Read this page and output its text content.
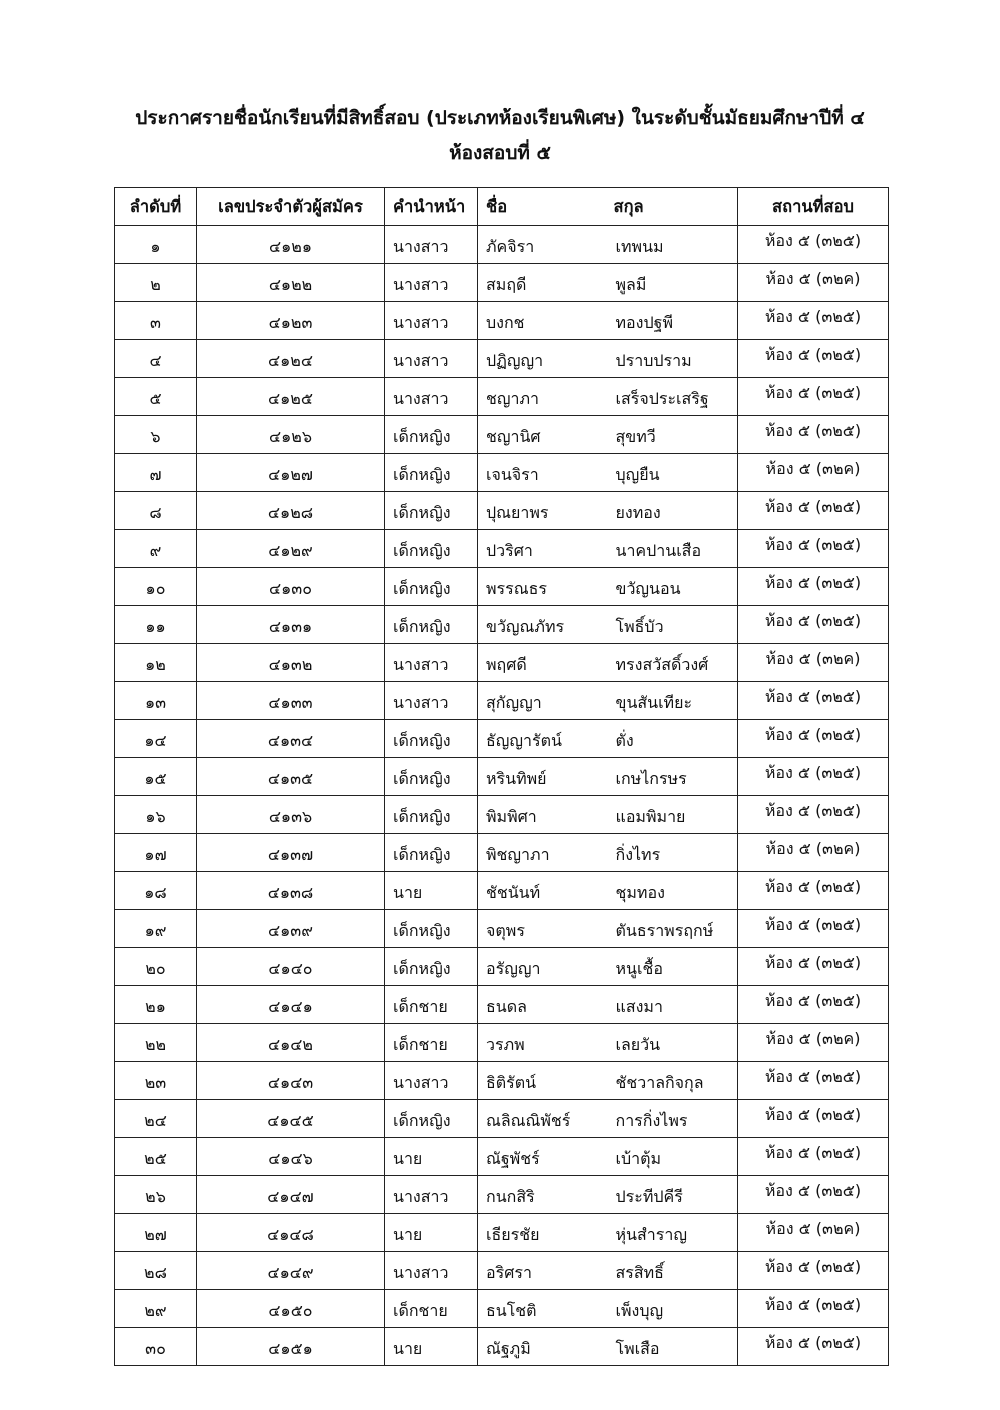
ประกาศรายชื่อนักเรียนที่มีสิทธิ์สอบ (ประเภทห้องเรียนพิเศษ) ในระดับชั้นมัธยมศึกษาปีที่ ๔
ห้องสอบที่ ๕
ลำดับที่	เลขประจำตัวผู้สมัคร	คำนำหน้า	ชื่อ	สกุล	สถานที่สอบ
๑	๔๑๒๑	นางสาว	ภัคจิรา	เทพนม	ห้อง ๕ (๓๒๕)
๒	๔๑๒๒	นางสาว	สมฤดี	พูลมี	ห้อง ๕ (๓๒ค)
๓	๔๑๒๓	นางสาว	บงกช	ทองปฐพี	ห้อง ๕ (๓๒๕)
๔	๔๑๒๔	นางสาว	ปฏิญญา	ปราบปราม	ห้อง ๕ (๓๒๕)
๕	๔๑๒๕	นางสาว	ชญาภา	เสร็จประเสริฐ	ห้อง ๕ (๓๒๕)
๖	๔๑๒๖	เด็กหญิง	ชญานิศ	สุขทวี	ห้อง ๕ (๓๒๕)
๗	๔๑๒๗	เด็กหญิง	เจนจิรา	บุญยืน	ห้อง ๕ (๓๒ค)
๘	๔๑๒๘	เด็กหญิง	ปุณยาพร	ยงทอง	ห้อง ๕ (๓๒๕)
๙	๔๑๒๙	เด็กหญิง	ปวริศา	นาคปานเสือ	ห้อง ๕ (๓๒๕)
๑๐	๔๑๓๐	เด็กหญิง	พรรณธร	ขวัญนอน	ห้อง ๕ (๓๒๕)
๑๑	๔๑๓๑	เด็กหญิง	ขวัญณภัทร	โพธิ์บัว	ห้อง ๕ (๓๒๕)
๑๒	๔๑๓๒	นางสาว	พฤศดี	ทรงสวัสดิ์วงศ์	ห้อง ๕ (๓๒ค)
๑๓	๔๑๓๓	นางสาว	สุกัญญา	ขุนสันเทียะ	ห้อง ๕ (๓๒๕)
๑๔	๔๑๓๔	เด็กหญิง	ธัญญารัตน์	ตั่ง	ห้อง ๕ (๓๒๕)
๑๕	๔๑๓๕	เด็กหญิง	หรินทิพย์	เกษไกรษร	ห้อง ๕ (๓๒๕)
๑๖	๔๑๓๖	เด็กหญิง	พิมพิศา	แอมพิมาย	ห้อง ๕ (๓๒๕)
๑๗	๔๑๓๗	เด็กหญิง	พิชญาภา	กิ่งไทร	ห้อง ๕ (๓๒ค)
๑๘	๔๑๓๘	นาย	ชัชนันท์	ชุมทอง	ห้อง ๕ (๓๒๕)
๑๙	๔๑๓๙	เด็กหญิง	จตุพร	ตันธราพรฤกษ์	ห้อง ๕ (๓๒๕)
๒๐	๔๑๔๐	เด็กหญิง	อรัญญา	หนูเชื้อ	ห้อง ๕ (๓๒๕)
๒๑	๔๑๔๑	เด็กชาย	ธนดล	แสงมา	ห้อง ๕ (๓๒๕)
๒๒	๔๑๔๒	เด็กชาย	วรภพ	เลยวัน	ห้อง ๕ (๓๒ค)
๒๓	๔๑๔๓	นางสาว	ธิติรัตน์	ชัชวาลกิจกุล	ห้อง ๕ (๓๒๕)
๒๔	๔๑๔๕	เด็กหญิง	ณลิณณิพัชร์	การกิ่งไพร	ห้อง ๕ (๓๒๕)
๒๕	๔๑๔๖	นาย	ณัฐพัชร์	เบ้าตุ้ม	ห้อง ๕ (๓๒๕)
๒๖	๔๑๔๗	นางสาว	กนกสิริ	ประทีปคีรี	ห้อง ๕ (๓๒๕)
๒๗	๔๑๔๘	นาย	เธียรชัย	หุ่นสำราญ	ห้อง ๕ (๓๒ค)
๒๘	๔๑๔๙	นางสาว	อริศรา	สรสิทธิ์	ห้อง ๕ (๓๒๕)
๒๙	๔๑๕๐	เด็กชาย	ธนโชติ	เพ็งบุญ	ห้อง ๕ (๓๒๕)
๓๐	๔๑๕๑	นาย	ณัฐภูมิ	โพเสือ	ห้อง ๕ (๓๒๕)
